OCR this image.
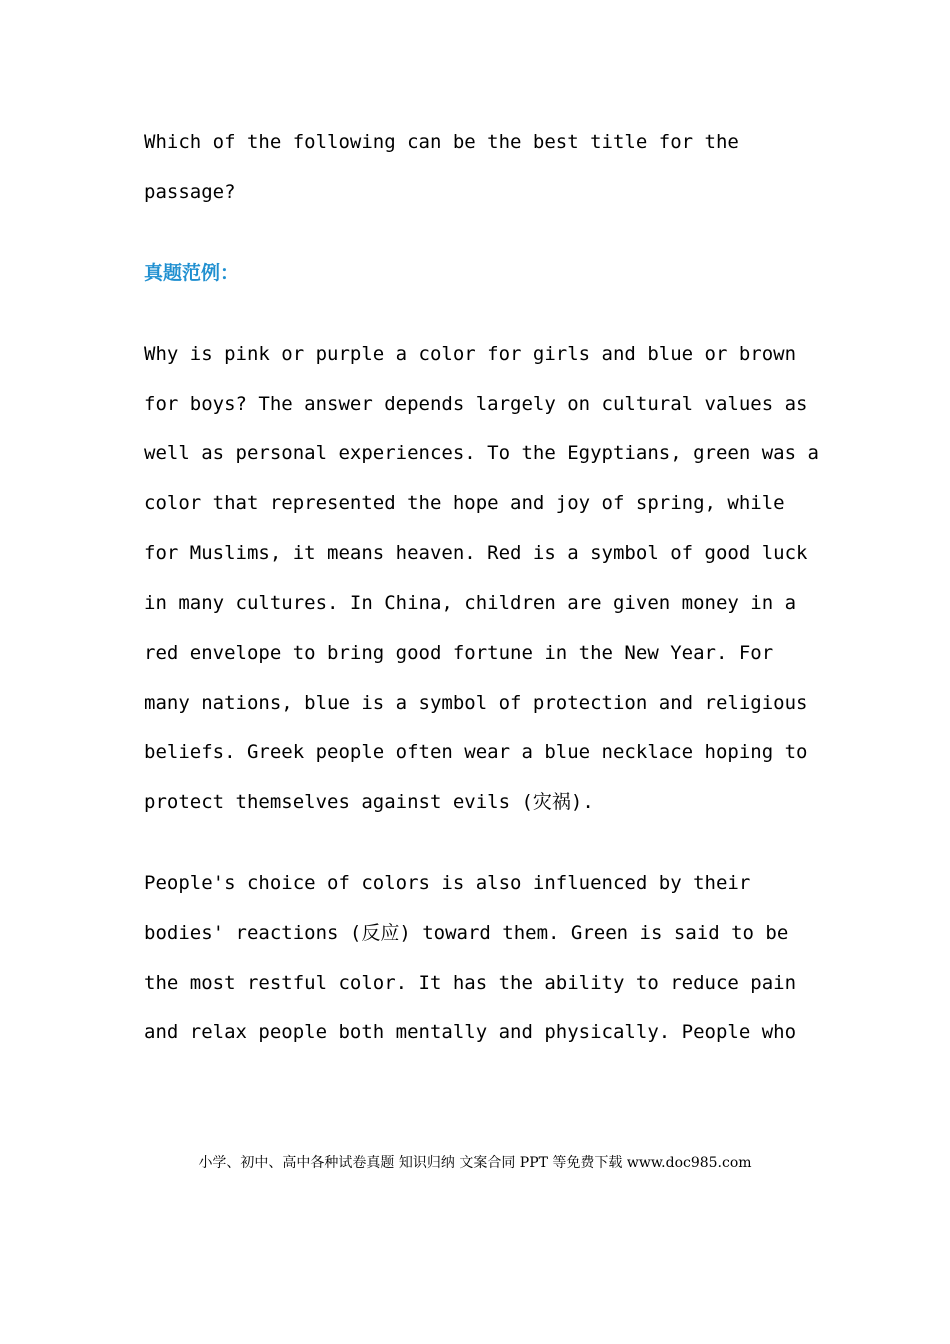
Which of the following can be the best title for the
passage?
真题范例：
Why is pink or purple a color for girls and blue or brown
for boys? The answer depends largely on cultural values as
well as personal experiences. To the Egyptians, green was a
color that represented the hope and joy of spring, while
for Muslims, it means heaven. Red is a symbol of good luck
in many cultures. In China, children are given money in a
red envelope to bring good fortune in the New Year. For
many nations, blue is a symbol of protection and religious
beliefs. Greek people often wear a blue necklace hoping to
protect themselves against evils (灾祸).
People's choice of colors is also influenced by their
bodies' reactions (反应) toward them. Green is said to be
the most restful color. It has the ability to reduce pain
and relax people both mentally and physically. People who
小学、初中、高中各种试卷真题 知识归纳 文案合同 PPT 等免费下载 www.doc985.com
